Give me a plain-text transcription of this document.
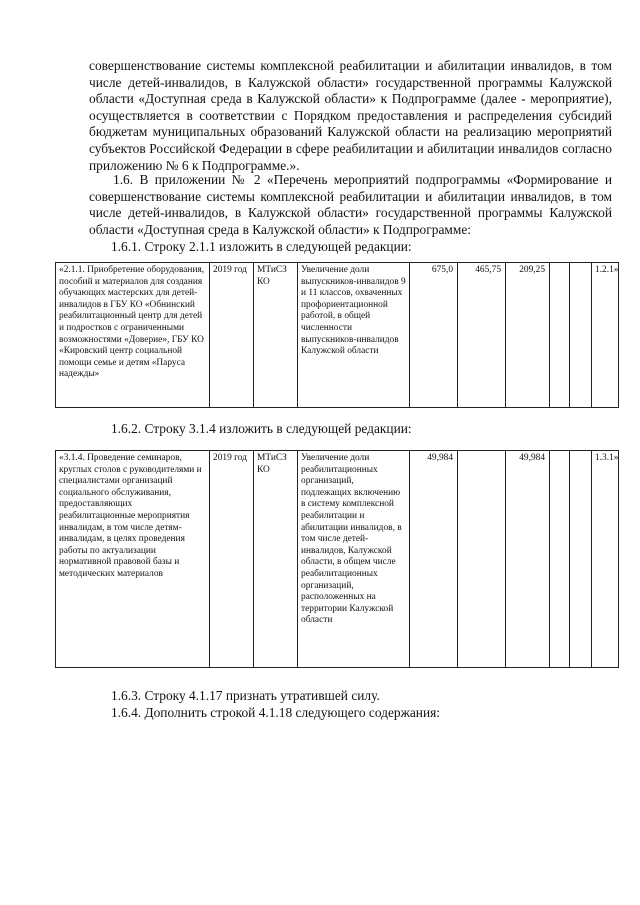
совершенствование системы комплексной реабилитации и абилитации инвалидов, в том числе детей-инвалидов, в Калужской области» государственной программы Калужской области «Доступная среда в Калужской области» к Подпрограмме (далее - мероприятие), осуществляется в соответствии с Порядком предоставления и распределения субсидий бюджетам муниципальных образований Калужской области на реализацию мероприятий субъектов Российской Федерации в сфере реабилитации и абилитации инвалидов согласно приложению № 6 к Подпрограмме.».
1.6. В приложении № 2 «Перечень мероприятий подпрограммы «Формирование и совершенствование системы комплексной реабилитации и абилитации инвалидов, в том числе детей-инвалидов, в Калужской области» государственной программы Калужской области «Доступная среда в Калужской области» к Подпрограмме:
1.6.1. Строку 2.1.1 изложить в следующей редакции:
«2.1.1. Приобретение оборудования, пособий и материалов для создания обучающих мастерских для детей-инвалидов в ГБУ КО «Обнинский реабилитационный центр для детей и подростков с ограниченными возможностями «Доверие», ГБУ КО «Кировский центр социальной помощи семье и детям «Паруса надежды»	2019 год	МТиСЗ КО	Увеличение доли выпускников-инвалидов 9 и 11 классов, охваченных профориентационной работой, в общей численности выпускников-инвалидов Калужской области	675,0	465,75	209,25			1.2.1»
1.6.2. Строку 3.1.4 изложить в следующей редакции:
«3.1.4. Проведение семинаров, круглых столов с руководителями и специалистами организаций социального обслуживания, предоставляющих реабилитационные мероприятия инвалидам, в том числе детям-инвалидам, в целях проведения работы по актуализации нормативной правовой базы и методических материалов	2019 год	МТиСЗ КО	Увеличение доли реабилитационных организаций, подлежащих включению в систему комплексной реабилитации и абилитации инвалидов, в том числе детей-инвалидов, Калужской области, в общем числе реабилитационных организаций, расположенных на территории Калужской области	49,984		49,984			1.3.1»
1.6.3. Строку 4.1.17 признать утратившей силу.
1.6.4. Дополнить строкой 4.1.18 следующего содержания:
